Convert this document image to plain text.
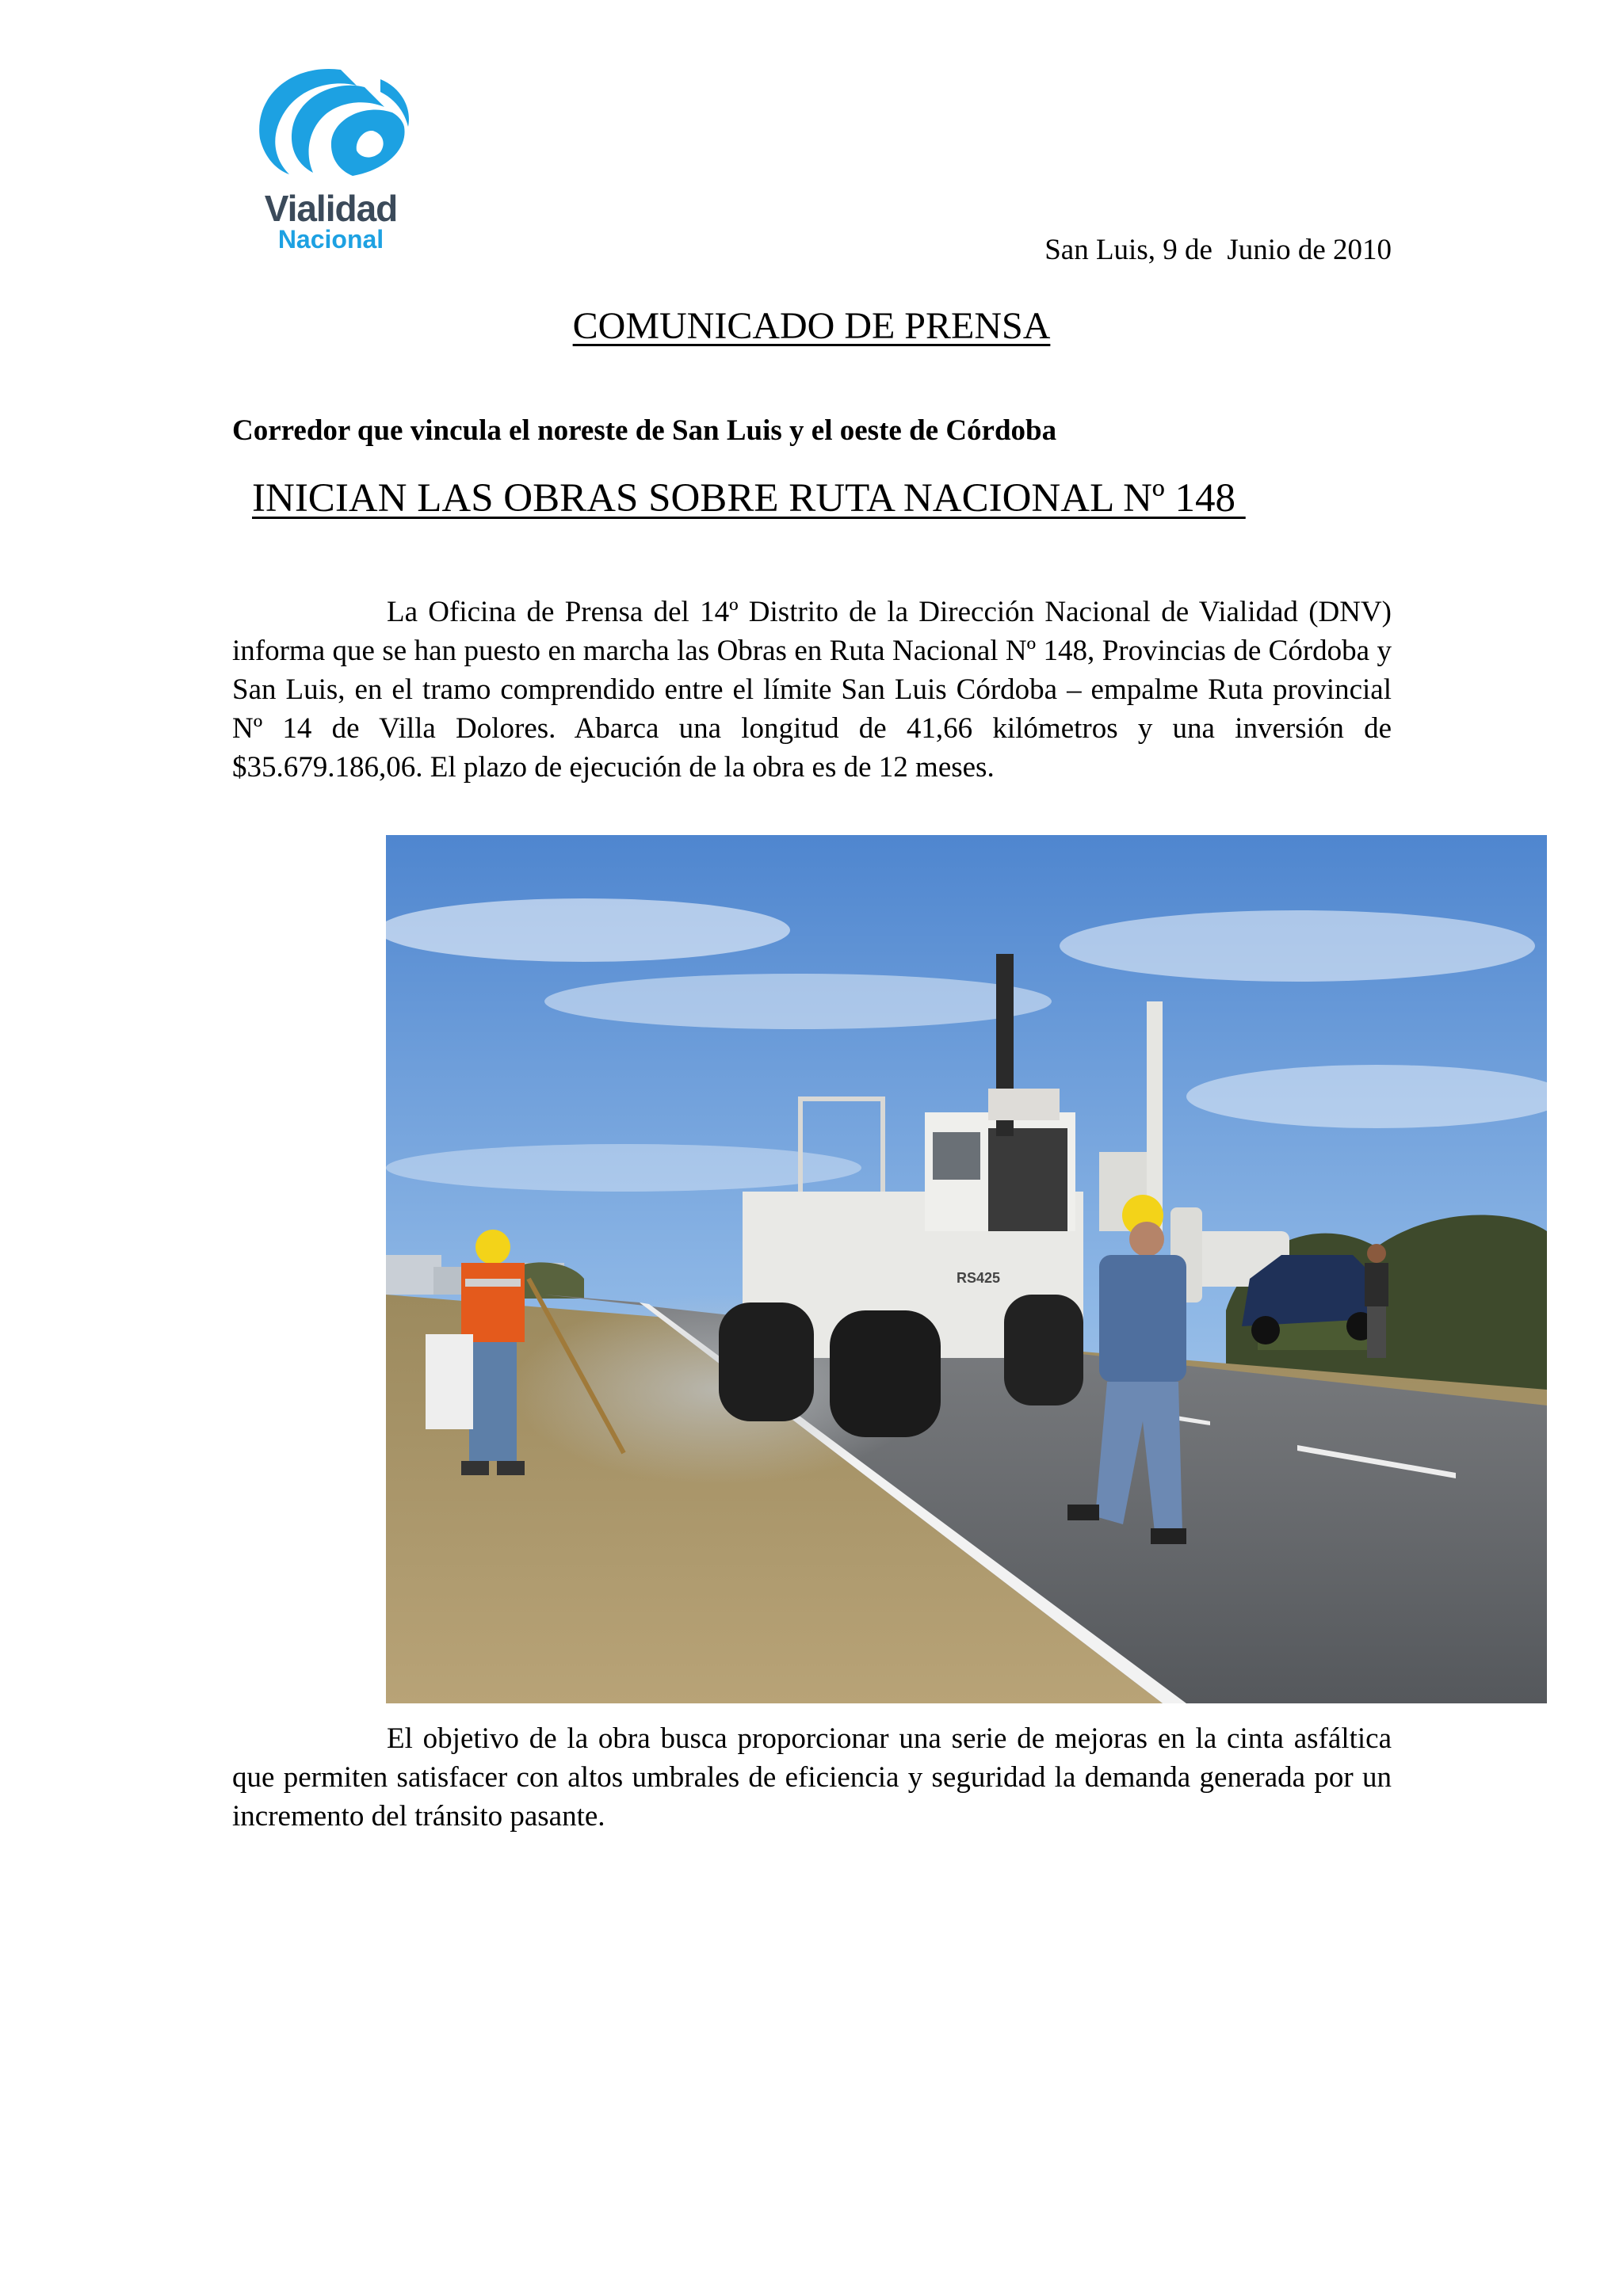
Vialidad
Nacional	San Luis, 9 de  Junio de 2010
COMUNICADO DE PRENSA
Corredor que vincula el noreste de San Luis y el oeste de Córdoba
INICIAN LAS OBRAS SOBRE RUTA NACIONAL Nº 148

La Oficina de Prensa del 14º Distrito de la Dirección Nacional de Vialidad (DNV) informa que se han puesto en marcha las Obras en Ruta Nacional Nº 148, Provincias de Córdoba y San Luis, en el tramo comprendido entre el límite San Luis Córdoba – empalme Ruta provincial Nº 14 de Villa Dolores. Abarca una longitud de 41,66 kilómetros y una inversión de $35.679.186,06. El plazo de ejecución de la obra es de 12 meses.

RS425

El objetivo de la obra busca proporcionar una serie de mejoras en la cinta asfáltica que permiten satisfacer con altos umbrales de eficiencia y seguridad la demanda generada por un incremento del tránsito pasante.
